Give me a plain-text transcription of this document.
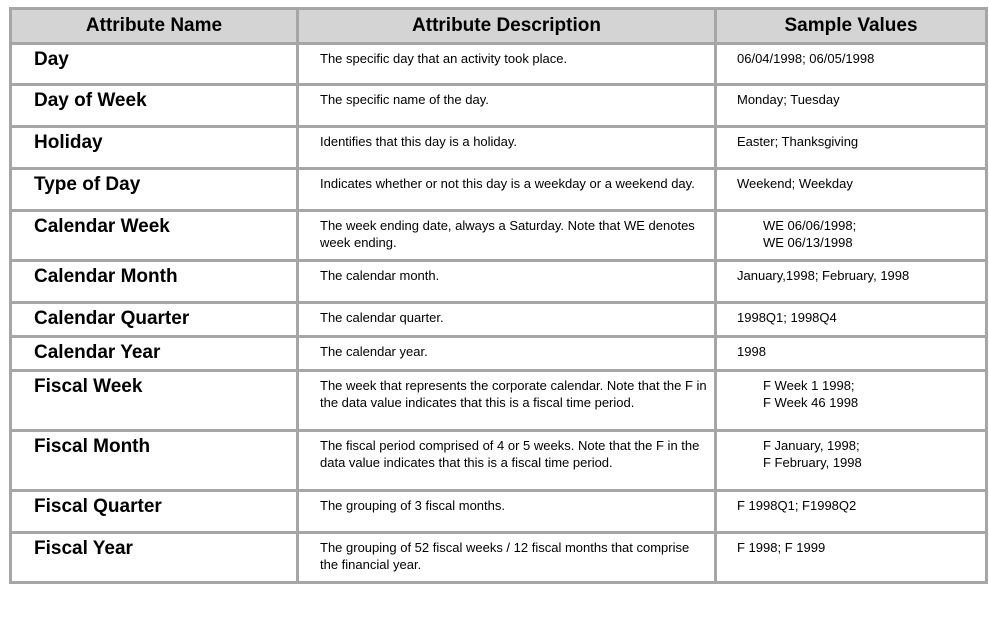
Attribute Name	Attribute Description	Sample Values
Day	The specific day that an activity took place.	06/04/1998; 06/05/1998

Day of Week	The specific name of the day.	Monday; Tuesday

Holiday	Identifies that this day is a holiday.	Easter; Thanksgiving

Type of Day	Indicates whether or not this day is a weekday or a weekend day.	Weekend; Weekday

Calendar Week	The week ending date, always a Saturday. Note that WE denotes week ending.	WE 06/06/1998;
WE 06/13/1998

Calendar Month	The calendar month.	January,1998; February, 1998

Calendar Quarter	The calendar quarter.	1998Q1; 1998Q4

Calendar Year	The calendar year.	1998

Fiscal Week	The week that represents the corporate calendar. Note that the F in the data value indicates that this is a fiscal time period.	F Week 1 1998;
F Week 46 1998

Fiscal Month	The fiscal period comprised of 4 or 5 weeks. Note that the F in the data value indicates that this is a fiscal time period.	F January, 1998;
F February, 1998

Fiscal Quarter	The grouping of 3 fiscal months.	F 1998Q1; F1998Q2

Fiscal Year	The grouping of 52 fiscal weeks / 12 fiscal months that comprise the financial year.	F 1998; F 1999
